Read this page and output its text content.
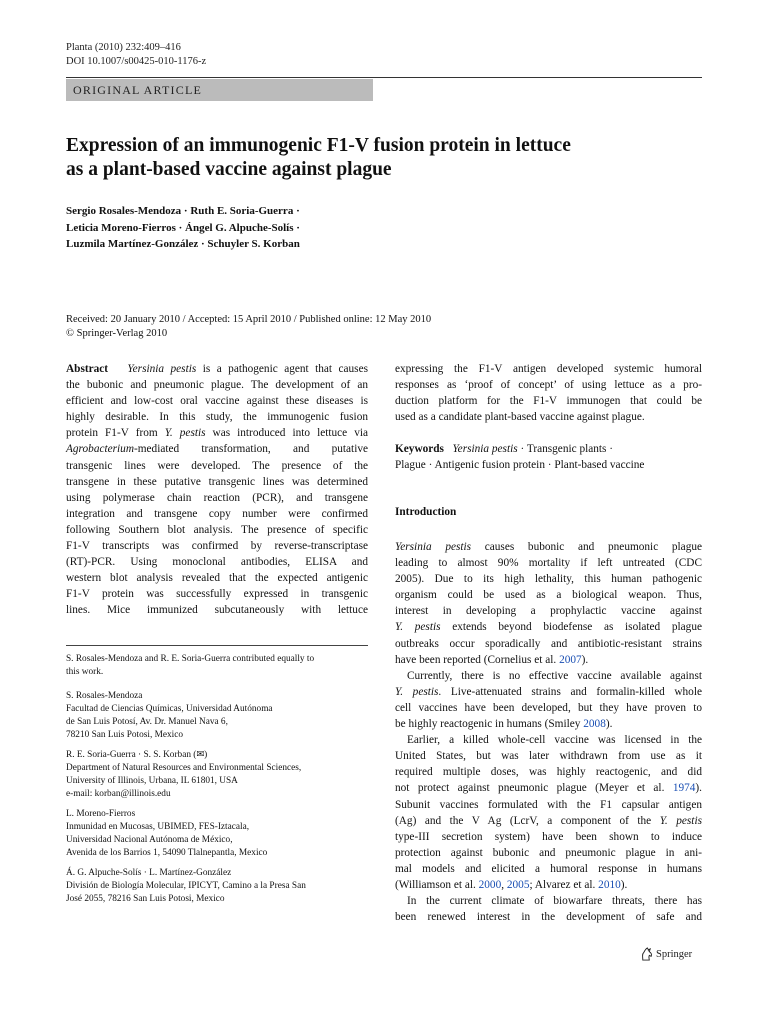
Planta (2010) 232:409–416
DOI 10.1007/s00425-010-1176-z
ORIGINAL ARTICLE
Expression of an immunogenic F1-V fusion protein in lettuce
as a plant-based vaccine against plague
Sergio Rosales-Mendoza · Ruth E. Soria-Guerra ·
Leticia Moreno-Fierros · Ángel G. Alpuche-Solís ·
Luzmila Martínez-González · Schuyler S. Korban
Received: 20 January 2010 / Accepted: 15 April 2010 / Published online: 12 May 2010
© Springer-Verlag 2010
Abstract Yersinia pestis is a pathogenic agent that causes
the bubonic and pneumonic plague. The development of an
efficient and low-cost oral vaccine against these diseases is
highly desirable. In this study, the immunogenic fusion
protein F1-V from Y. pestis was introduced into lettuce via
Agrobacterium-mediated transformation, and putative
transgenic lines were developed. The presence of the
transgene in these putative transgenic lines was determined
using polymerase chain reaction (PCR), and transgene
integration and transgene copy number were confirmed
following Southern blot analysis. The presence of specific
F1-V transcripts was confirmed by reverse-transcriptase
(RT)-PCR. Using monoclonal antibodies, ELISA and
western blot analysis revealed that the expected antigenic
F1-V protein was successfully expressed in transgenic
lines. Mice immunized subcutaneously with lettuce
S. Rosales-Mendoza and R. E. Soria-Guerra contributed equally to
this work.
S. Rosales-Mendoza
Facultad de Ciencias Químicas, Universidad Autónoma
de San Luis Potosí, Av. Dr. Manuel Nava 6,
78210 San Luis Potosi, Mexico
R. E. Soria-Guerra · S. S. Korban (✉)
Department of Natural Resources and Environmental Sciences,
University of Illinois, Urbana, IL 61801, USA
e-mail: korban@illinois.edu
L. Moreno-Fierros
Inmunidad en Mucosas, UBIMED, FES-Iztacala,
Universidad Nacional Autónoma de México,
Avenida de los Barrios 1, 54090 Tlalnepantla, Mexico
Á. G. Alpuche-Solís · L. Martínez-González
División de Biología Molecular, IPICYT, Camino a la Presa San
José 2055, 78216 San Luis Potosi, Mexico
expressing the F1-V antigen developed systemic humoral
responses as ‘proof of concept’ of using lettuce as a pro-
duction platform for the F1-V immunogen that could be
used as a candidate plant-based vaccine against plague.
Keywords Yersinia pestis · Transgenic plants ·
Plague · Antigenic fusion protein · Plant-based vaccine
Introduction
Yersinia pestis causes bubonic and pneumonic plague
leading to almost 90% mortality if left untreated (CDC
2005). Due to its high lethality, this human pathogenic
organism could be used as a biological weapon. Thus,
interest in developing a prophylactic vaccine against
Y. pestis extends beyond biodefense as isolated plague
outbreaks occur sporadically and antibiotic-resistant strains
have been reported (Cornelius et al. 2007).
Currently, there is no effective vaccine available against
Y. pestis. Live-attenuated strains and formalin-killed whole
cell vaccines have been developed, but they have proven to
be highly reactogenic in humans (Smiley 2008).
Earlier, a killed whole-cell vaccine was licensed in the
United States, but was later withdrawn from use as it
required multiple doses, was highly reactogenic, and did
not protect against pneumonic plague (Meyer et al. 1974).
Subunit vaccines formulated with the F1 capsular antigen
(Ag) and the V Ag (LcrV, a component of the Y. pestis
type-III secretion system) have been shown to induce
protection against bubonic and pneumonic plague in ani-
mal models and elicited a humoral response in humans
(Williamson et al. 2000, 2005; Alvarez et al. 2010).
In the current climate of biowarfare threats, there has
been renewed interest in the development of safe and
Springer
